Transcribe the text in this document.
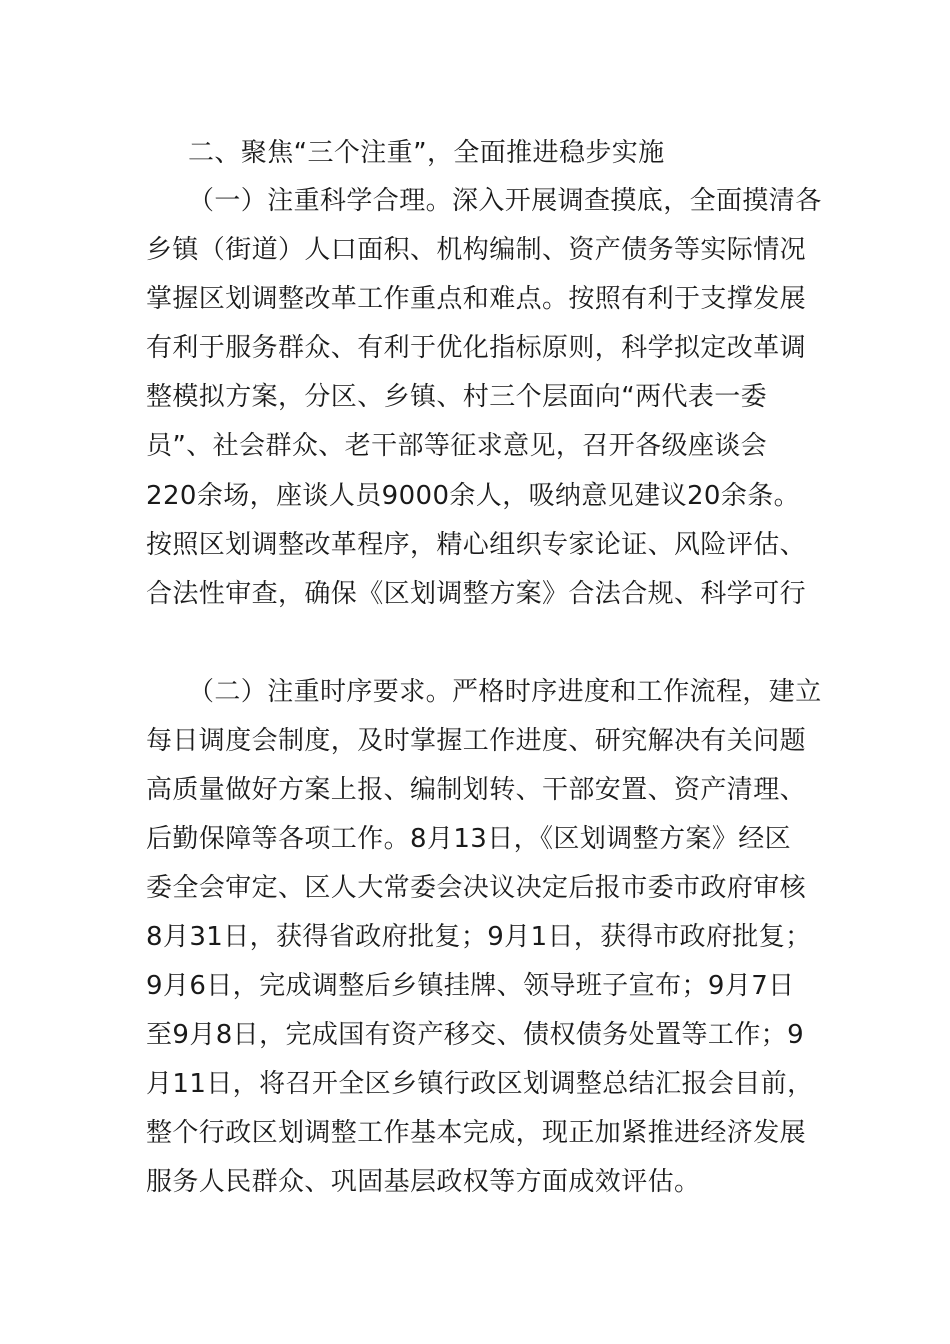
二、聚焦“三个注重”，全面推进稳步实施

（一）注重科学合理。深入开展调查摸底，全面摸清各

乡镇（街道）人口面积、机构编制、资产债务等实际情况

掌握区划调整改革工作重点和难点。按照有利于支撑发展

有利于服务群众、有利于优化指标原则，科学拟定改革调

整模拟方案，分区、乡镇、村三个层面向“两代表一委

员”、社会群众、老干部等征求意见，召开各级座谈会

220余场，座谈人员9000余人，吸纳意见建议20余条。

按照区划调整改革程序，精心组织专家论证、风险评估、

合法性审查，确保《区划调整方案》合法合规、科学可行

（二）注重时序要求。严格时序进度和工作流程，建立

每日调度会制度，及时掌握工作进度、研究解决有关问题

高质量做好方案上报、编制划转、干部安置、资产清理、

后勤保障等各项工作。8月13日，《区划调整方案》经区

委全会审定、区人大常委会决议决定后报市委市政府审核

8月31日，获得省政府批复；9月1日，获得市政府批复；

9月6日，完成调整后乡镇挂牌、领导班子宣布；9月7日

至9月8日，完成国有资产移交、债权债务处置等工作；9

月11日，将召开全区乡镇行政区划调整总结汇报会目前，

整个行政区划调整工作基本完成，现正加紧推进经济发展

服务人民群众、巩固基层政权等方面成效评估。
